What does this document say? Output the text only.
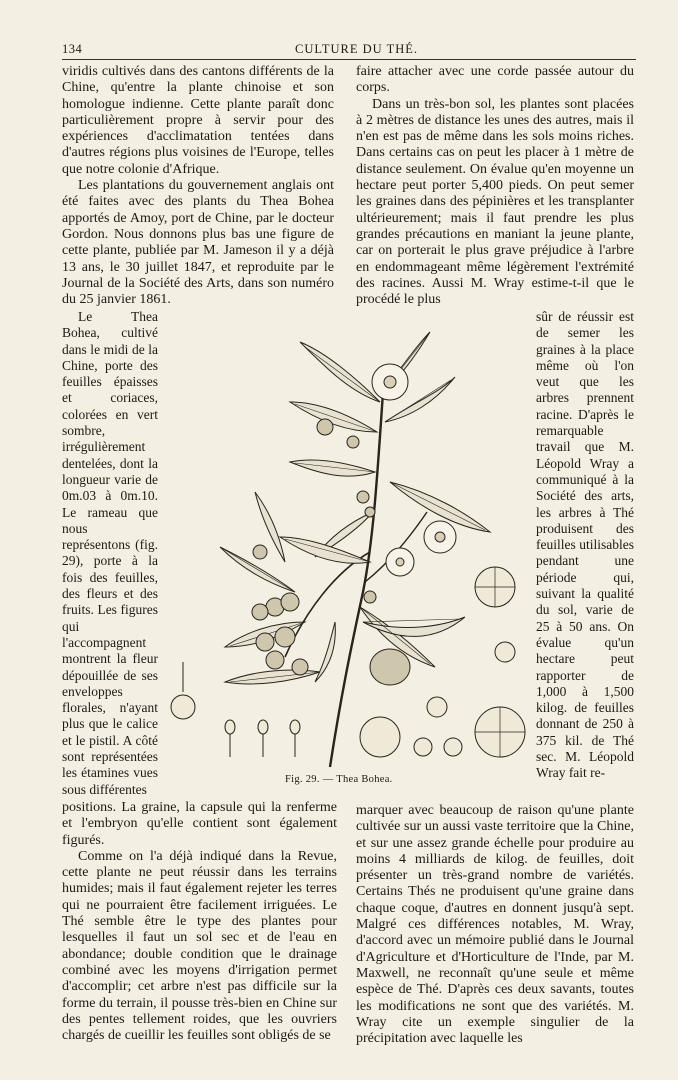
134	CULTURE DU THÉ.

viridis cultivés dans des cantons différents de la Chine, qu'entre la plante chinoise et son homologue indienne. Cette plante paraît donc particulièrement propre à servir pour des expériences d'acclimatation tentées dans d'autres régions plus voisines de l'Europe, telles que notre colonie d'Afrique.

Les plantations du gouvernement anglais ont été faites avec des plants du Thea Bohea apportés de Amoy, port de Chine, par le docteur Gordon. Nous donnons plus bas une figure de cette plante, publiée par M. Jameson il y a déjà 13 ans, le 30 juillet 1847, et reproduite par le Journal de la Société des Arts, dans son numéro du 25 janvier 1861.

Le Thea Bohea, cultivé dans le midi de la Chine, porte des feuilles épaisses et coriaces, colorées en vert sombre, irrégulièrement dentelées, dont la longueur varie de 0m.03 à 0m.10. Le rameau que nous représentons (fig. 29), porte à la fois des feuilles, des fleurs et des fruits. Les figures qui l'accompagnent montrent la fleur dépouillée de ses enveloppes florales, n'ayant plus que le calice et le pistil. A côté sont représentées les étamines vues sous différentes

positions. La graine, la capsule qui la renferme et l'embryon qu'elle contient sont également figurés.

Comme on l'a déjà indiqué dans la Revue, cette plante ne peut réussir dans les terrains humides; mais il faut également rejeter les terres qui ne pourraient être facilement irriguées. Le Thé semble être le type des plantes pour lesquelles il faut un sol sec et de l'eau en abondance; double condition que le drainage combiné avec les moyens d'irrigation permet d'accomplir; cet arbre n'est pas difficile sur la forme du terrain, il pousse très-bien en Chine sur des pentes tellement roides, que les ouvriers chargés de cueillir les feuilles sont obligés de se

faire attacher avec une corde passée autour du corps.

Dans un très-bon sol, les plantes sont placées à 2 mètres de distance les unes des autres, mais il n'en est pas de même dans les sols moins riches. Dans certains cas on peut les placer à 1 mètre de distance seulement. On évalue qu'en moyenne un hectare peut porter 5,400 pieds. On peut semer les graines dans des pépinières et les transplanter ultérieurement; mais il faut prendre les plus grandes précautions en maniant la jeune plante, car on porterait le plus grave préjudice à l'arbre en endommageant même légèrement l'extrémité des racines. Aussi M. Wray estime-t-il que le procédé le plus

sûr de réussir est de semer les graines à la place même où l'on veut que les arbres prennent racine. D'après le remarquable travail que M. Léopold Wray a communiqué à la Société des arts, les arbres à Thé produisent des feuilles utilisables pendant une période qui, suivant la qualité du sol, varie de 25 à 50 ans. On évalue qu'un hectare peut rapporter de 1,000 à 1,500 kilog. de feuilles donnant de 250 à 375 kil. de Thé sec. M. Léopold Wray fait re-

marquer avec beaucoup de raison qu'une plante cultivée sur un aussi vaste territoire que la Chine, et sur une assez grande échelle pour produire au moins 4 milliards de kilog. de feuilles, doit présenter un très-grand nombre de variétés. Certains Thés ne produisent qu'une graine dans chaque coque, d'autres en donnent jusqu'à sept. Malgré ces différences notables, M. Wray, d'accord avec un mémoire publié dans le Journal d'Agriculture et d'Horticulture de l'Inde, par M. Maxwell, ne reconnaît qu'une seule et même espèce de Thé. D'après ces deux savants, toutes les modifications ne sont que des variétés. M. Wray cite un exemple singulier de la précipitation avec laquelle les

Fig. 29. — Thea Bohea.
